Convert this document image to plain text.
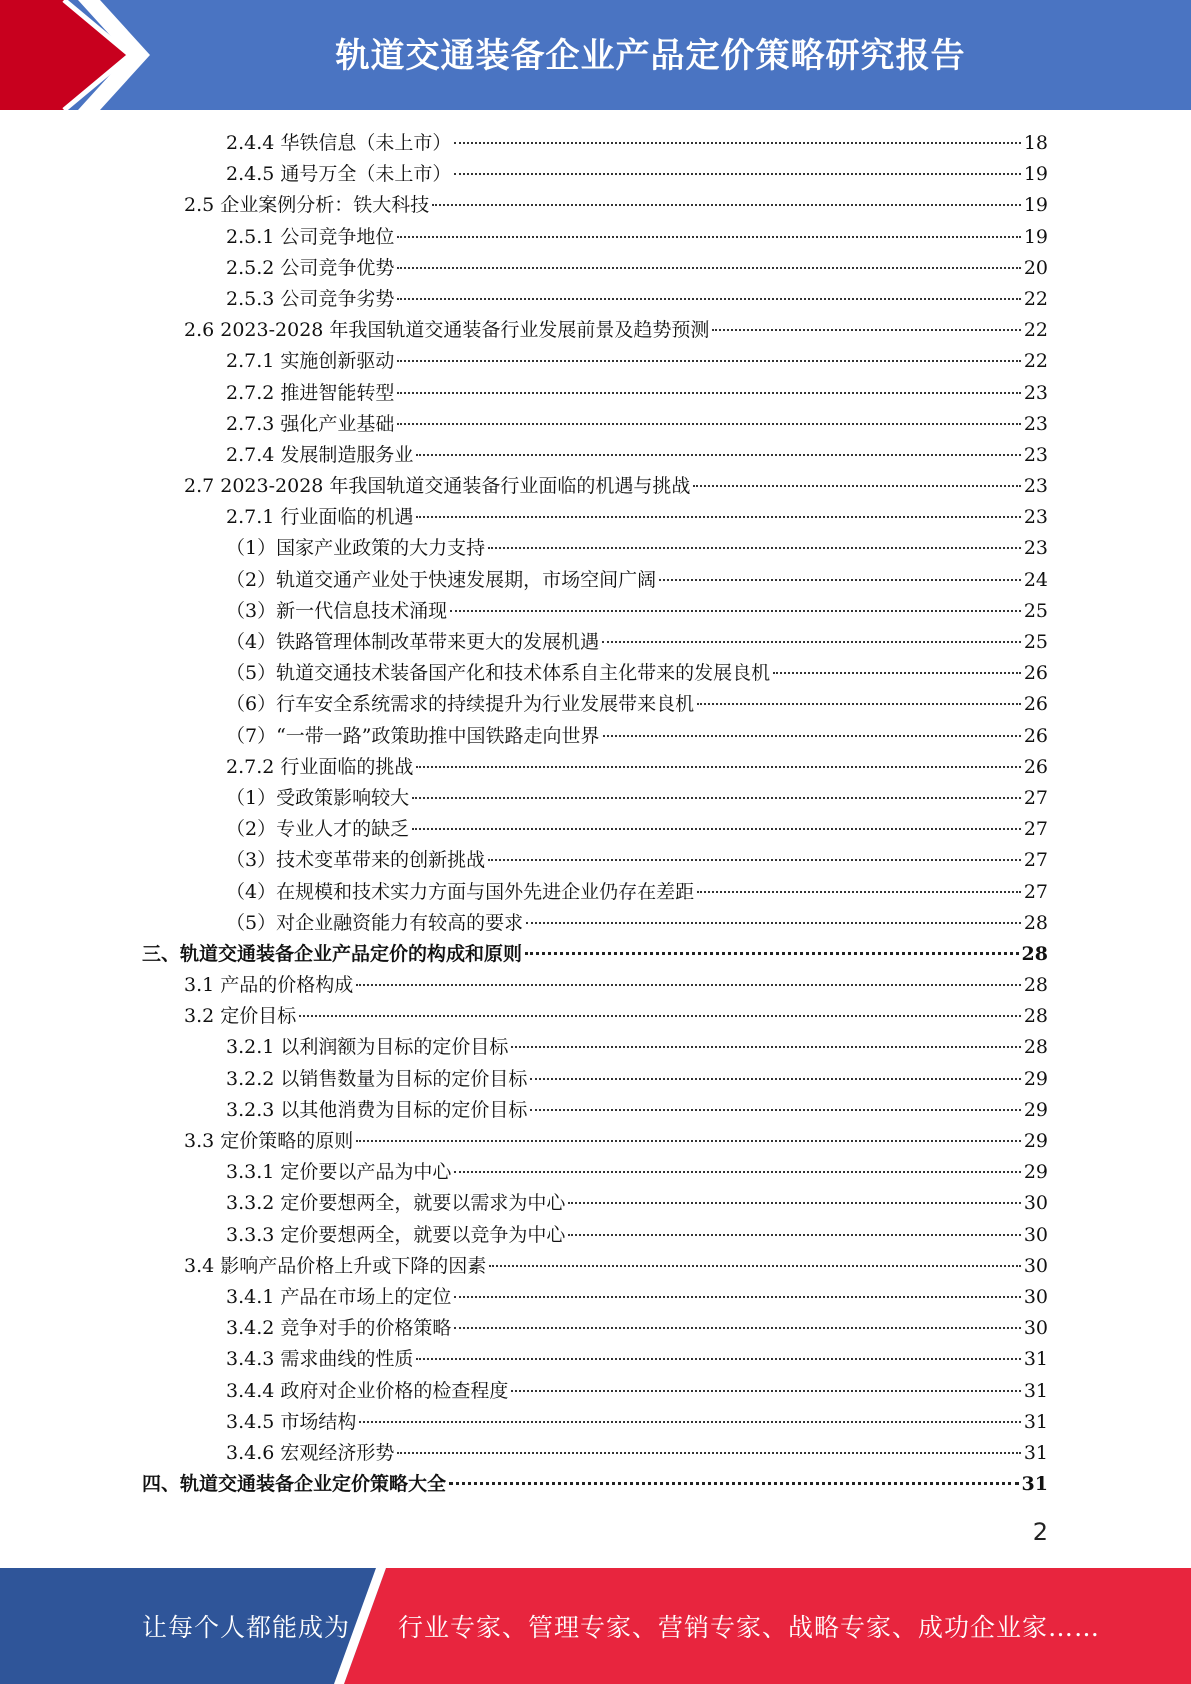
轨道交通装备企业产品定价策略研究报告
2.4.4 华铁信息（未上市）	18
2.4.5 通号万全（未上市）	19
2.5 企业案例分析：铁大科技	19
2.5.1 公司竞争地位	19
2.5.2 公司竞争优势	20
2.5.3 公司竞争劣势	22
2.6 2023-2028 年我国轨道交通装备行业发展前景及趋势预测	22
2.7.1 实施创新驱动	22
2.7.2 推进智能转型	23
2.7.3 强化产业基础	23
2.7.4 发展制造服务业	23
2.7 2023-2028 年我国轨道交通装备行业面临的机遇与挑战	23
2.7.1 行业面临的机遇	23
（1）国家产业政策的大力支持	23
（2）轨道交通产业处于快速发展期，市场空间广阔	24
（3）新一代信息技术涌现	25
（4）铁路管理体制改革带来更大的发展机遇	25
（5）轨道交通技术装备国产化和技术体系自主化带来的发展良机	26
（6）行车安全系统需求的持续提升为行业发展带来良机	26
（7）“一带一路”政策助推中国铁路走向世界	26
2.7.2 行业面临的挑战	26
（1）受政策影响较大	27
（2）专业人才的缺乏	27
（3）技术变革带来的创新挑战	27
（4）在规模和技术实力方面与国外先进企业仍存在差距	27
（5）对企业融资能力有较高的要求	28
三、轨道交通装备企业产品定价的构成和原则	28
3.1 产品的价格构成	28
3.2 定价目标	28
3.2.1 以利润额为目标的定价目标	28
3.2.2 以销售数量为目标的定价目标	29
3.2.3 以其他消费为目标的定价目标	29
3.3 定价策略的原则	29
3.3.1 定价要以产品为中心	29
3.3.2 定价要想两全，就要以需求为中心	30
3.3.3 定价要想两全，就要以竞争为中心	30
3.4 影响产品价格上升或下降的因素	30
3.4.1 产品在市场上的定位	30
3.4.2 竞争对手的价格策略	30
3.4.3 需求曲线的性质	31
3.4.4 政府对企业价格的检查程度	31
3.4.5 市场结构	31
3.4.6 宏观经济形势	31
四、轨道交通装备企业定价策略大全	31
2
让每个人都能成为 行业专家、管理专家、营销专家、战略专家、成功企业家……
